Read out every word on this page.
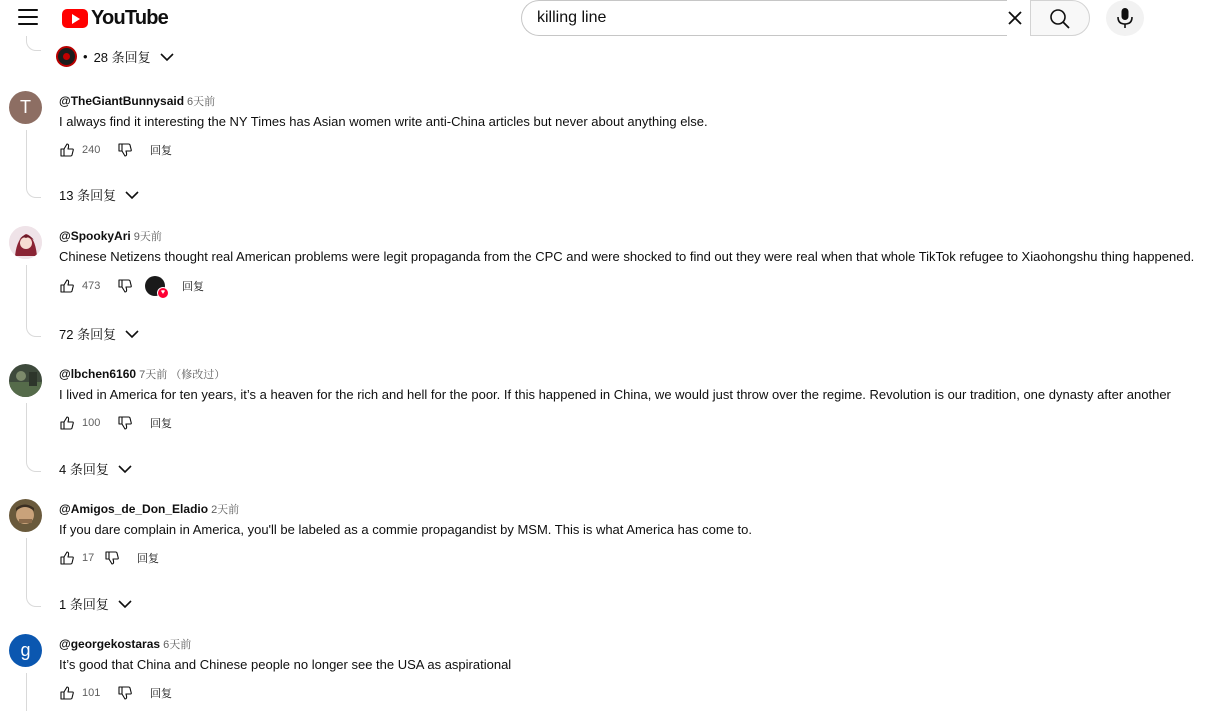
YouTube
killing line
• 28 条回复
T	@TheGiantBunnysaid 6天前
I always find it interesting the NY Times has Asian women write anti-China articles but never about anything else.
240	回复
13 条回复
@SpookyAri 9天前
Chinese Netizens thought real American problems were legit propaganda from the CPC and were shocked to find out they were real when that whole TikTok refugee to Xiaohongshu thing happened.
473
♥	回复
72 条回复
@lbchen6160 7天前 （修改过）
I lived in America for ten years, it’s a heaven for the rich and hell for the poor. If this happened in China, we would just throw over the regime. Revolution is our tradition, one dynasty after another
100	回复
4 条回复
@Amigos_de_Don_Eladio 2天前
If you dare complain in America, you'll be labeled as a commie propagandist by MSM. This is what America has come to.
17	回复
1 条回复
g	@georgekostaras 6天前
It’s good that China and Chinese people no longer see the USA as aspirational
101	回复
